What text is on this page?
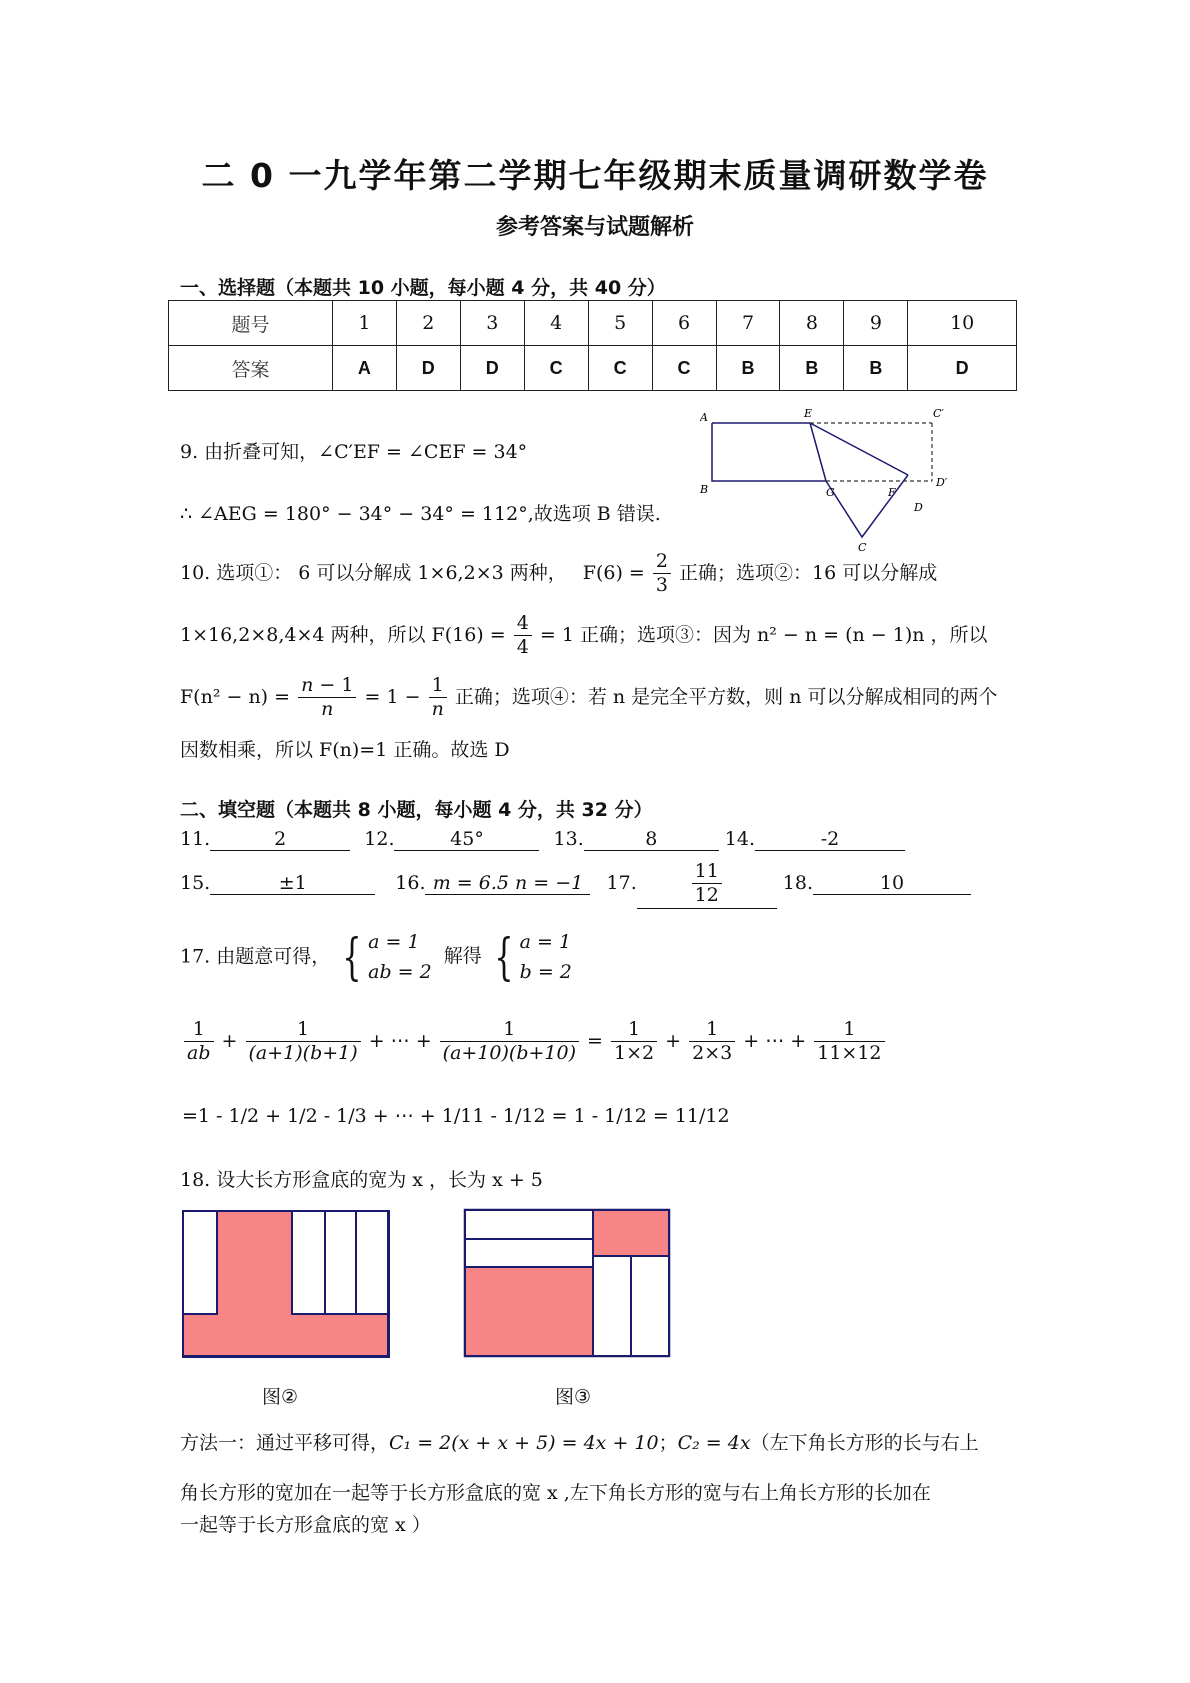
二 0 一九学年第二学期七年级期末质量调研数学卷
参考答案与试题解析
一、选择题（本题共 10 小题，每小题 4 分，共 40 分）
题号	1	2	3	4	5	6	7	8	9	10
答案	A	D	D	C	C	C	B	B	B	D
9. 由折叠可知，∠C′EF = ∠CEF = 34°
∴ ∠AEG = 180° − 34° − 34° = 112°,故选项 B 错误.
A	E	C′
B	G	F
D′
D
C
10. 选项①： 6 可以分解成 1×6,2×3 两种， $F(6) = \frac{2}{3}$ 正确；选项②：16 可以分解成
1×16,2×8,4×4 两种，所以 $F(16) = \frac{4}{4} = 1$ 正确；选项③：因为 n² − n = (n − 1)n ，所以
$F(n^2 - n) = \frac{n - 1}{n} = 1 - \frac{1}{n}$ 正确；选项④：若 n 是完全平方数，则 n 可以分解成相同的两个
因数相乘，所以 F(n)=1 正确。故选 D
二、填空题（本题共 8 小题，每小题 4 分，共 32 分）
11.	2	12.	45°	13.	8	14.	-2
15.	±1	16. m = 6.5 n = −1 17.	$\frac{11}{12}$	18.	10
17. 由题意可得， { a = 1
ab = 2 解得 { a = 1
b = 2
$\frac{1}{ab} + \frac{1}{(a+1)(b+1)}$ + ⋯ + $\frac{1}{(a+10)(b+10)} = \frac{1}{1\times 2} + \frac{1}{2\times 3}$ + ⋯ + $\frac{1}{11\times 12}$
=1 - 1/2 + 1/2 - 1/3 + ⋯ + 1/11 - 1/12 = 1 - 1/12 = 11/12
18. 设大长方形盒底的宽为 x ，长为 x + 5
图②	图③
方法一：通过平移可得，C₁ = 2(x + x + 5) = 4x + 10；C₂ = 4x（左下角长方形的长与右上
角长方形的宽加在一起等于长方形盒底的宽 x ,左下角长方形的宽与右上角长方形的长加在
一起等于长方形盒底的宽 x ）
